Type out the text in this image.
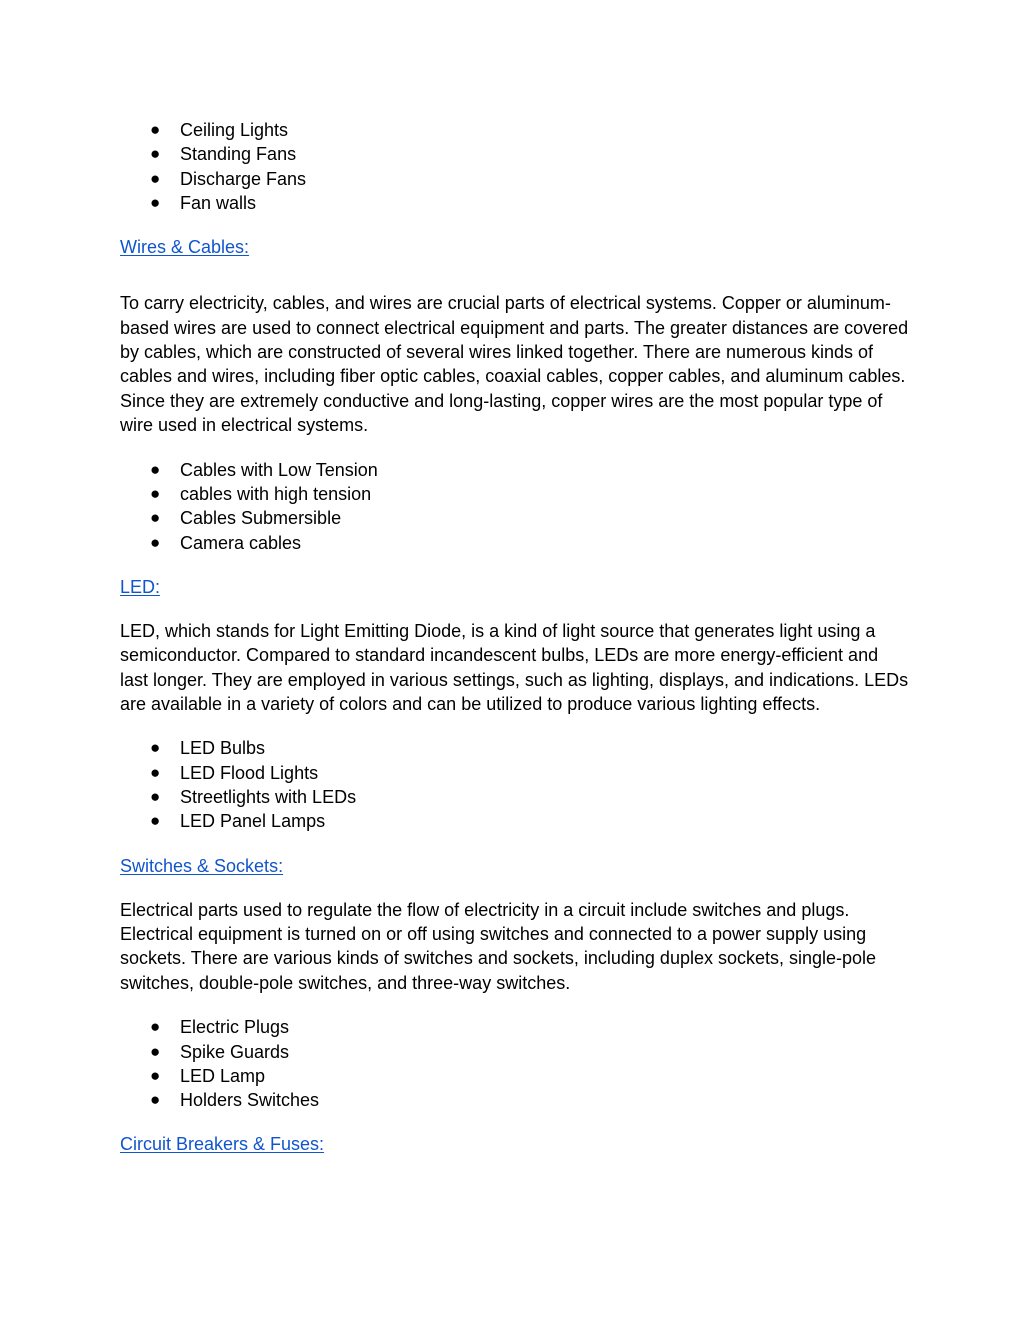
● Ceiling Lights
● Standing Fans
● Discharge Fans
● Fan walls
Wires & Cables:

To carry electricity, cables, and wires are crucial parts of electrical systems. Copper or aluminum-based wires are used to connect electrical equipment and parts. The greater distances are covered by cables, which are constructed of several wires linked together. There are numerous kinds of cables and wires, including fiber optic cables, coaxial cables, copper cables, and aluminum cables. Since they are extremely conductive and long-lasting, copper wires are the most popular type of wire used in electrical systems.

● Cables with Low Tension
● cables with high tension
● Cables Submersible
● Camera cables
LED:

LED, which stands for Light Emitting Diode, is a kind of light source that generates light using a semiconductor. Compared to standard incandescent bulbs, LEDs are more energy-efficient and last longer. They are employed in various settings, such as lighting, displays, and indications. LEDs are available in a variety of colors and can be utilized to produce various lighting effects.

● LED Bulbs
● LED Flood Lights
● Streetlights with LEDs
● LED Panel Lamps
Switches & Sockets:

Electrical parts used to regulate the flow of electricity in a circuit include switches and plugs. Electrical equipment is turned on or off using switches and connected to a power supply using sockets. There are various kinds of switches and sockets, including duplex sockets, single-pole switches, double-pole switches, and three-way switches.

● Electric Plugs
● Spike Guards
● LED Lamp
● Holders Switches
Circuit Breakers & Fuses:
